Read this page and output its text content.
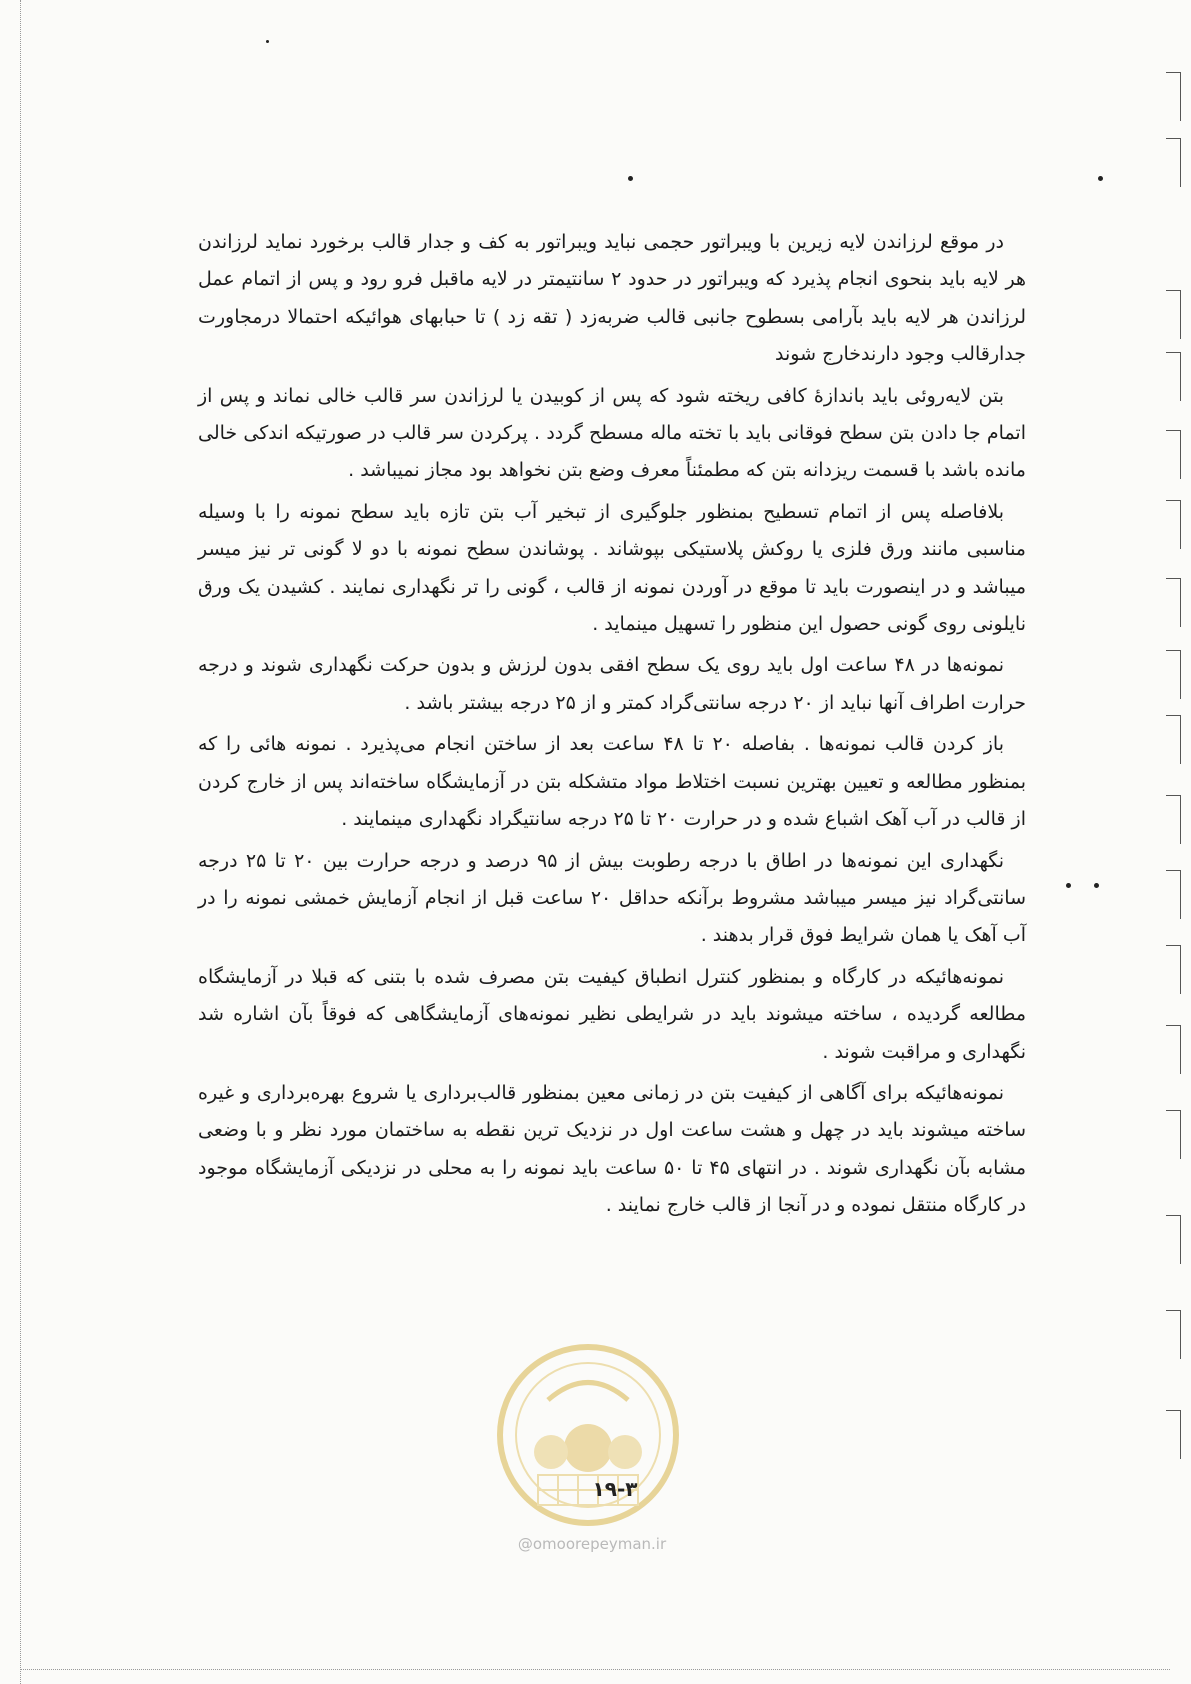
در موقع لرزاندن لایه زیرین با ویبراتور حجمی نباید ویبراتور به کف و جدار قالب برخورد نماید لرزاندن هر لایه باید بنحوی انجام پذیرد که ویبراتور در حدود ۲ سانتیمتر در لایه ماقبل فرو رود و پس از اتمام عمل لرزاندن هر لایه باید بآرامی بسطوح جانبی قالب ضربه‌زد ( تقه زد ) تا حبابهای هوائیکه احتمالا درمجاورت جدارقالب وجود دارندخارج شوند

بتن لایه‌روئی باید باندازهٔ کافی ریخته شود که پس از کوبیدن یا لرزاندن سر قالب خالی نماند و پس از اتمام جا دادن بتن سطح فوقانی باید با تخته ماله مسطح گردد . پرکردن سر قالب در صورتیکه اندکی خالی مانده باشد با قسمت ریزدانه بتن که مطمئناً معرف وضع بتن نخواهد بود مجاز نمیباشد .

بلافاصله پس از اتمام تسطیح بمنظور جلوگیری از تبخیر آب بتن تازه باید سطح نمونه را با وسیله مناسبی مانند ورق فلزی یا روکش پلاستیکی بپوشاند . پوشاندن سطح نمونه با دو لا گونی تر نیز میسر میباشد و در اینصورت باید تا موقع در آوردن نمونه از قالب ، گونی را تر نگهداری نمایند . کشیدن یک ورق نایلونی روی گونی حصول این منظور را تسهیل مینماید .

نمونه‌ها در ۴۸ ساعت اول باید روی یک سطح افقی بدون لرزش و بدون حرکت نگهداری شوند و درجه حرارت اطراف آنها نباید از ۲۰ درجه سانتی‌گراد کمتر و از ۲۵ درجه بیشتر باشد .

باز کردن قالب نمونه‌ها . بفاصله ۲۰ تا ۴۸ ساعت بعد از ساختن انجام می‌پذیرد . نمونه هائی را که بمنظور مطالعه و تعیین بهترین نسبت اختلاط مواد متشکله بتن در آزمایشگاه ساخته‌اند پس از خارج کردن از قالب در آب آهک اشباع شده و در حرارت ۲۰ تا ۲۵ درجه سانتیگراد نگهداری مینمایند .

نگهداری این نمونه‌ها در اطاق با درجه رطوبت بیش از ۹۵ درصد و درجه حرارت بین ۲۰ تا ۲۵ درجه سانتی‌گراد نیز میسر میباشد مشروط برآنکه حداقل ۲۰ ساعت قبل از انجام آزمایش خمشی نمونه را در آب آهک یا همان شرایط فوق قرار بدهند .

نمونه‌هائیکه در کارگاه و بمنظور کنترل انطباق کیفیت بتن مصرف شده با بتنی که قبلا در آزمایشگاه مطالعه گردیده ، ساخته میشوند باید در شرایطی نظیر نمونه‌های آزمایشگاهی که فوقاً بآن اشاره شد نگهداری و مراقبت شوند .

نمونه‌هائیکه برای آگاهی از کیفیت بتن در زمانی معین بمنظور قالب‌برداری یا شروع بهره‌برداری و غیره ساخته میشوند باید در چهل و هشت ساعت اول در نزدیک ترین نقطه به ساختمان مورد نظر و با وضعی مشابه بآن نگهداری شوند . در انتهای ۴۵ تا ۵۰ ساعت باید نمونه را به محلی در نزدیکی آزمایشگاه موجود در کارگاه منتقل نموده و در آنجا از قالب خارج نمایند .

۱۹-۳
@omoorepeyman.ir
